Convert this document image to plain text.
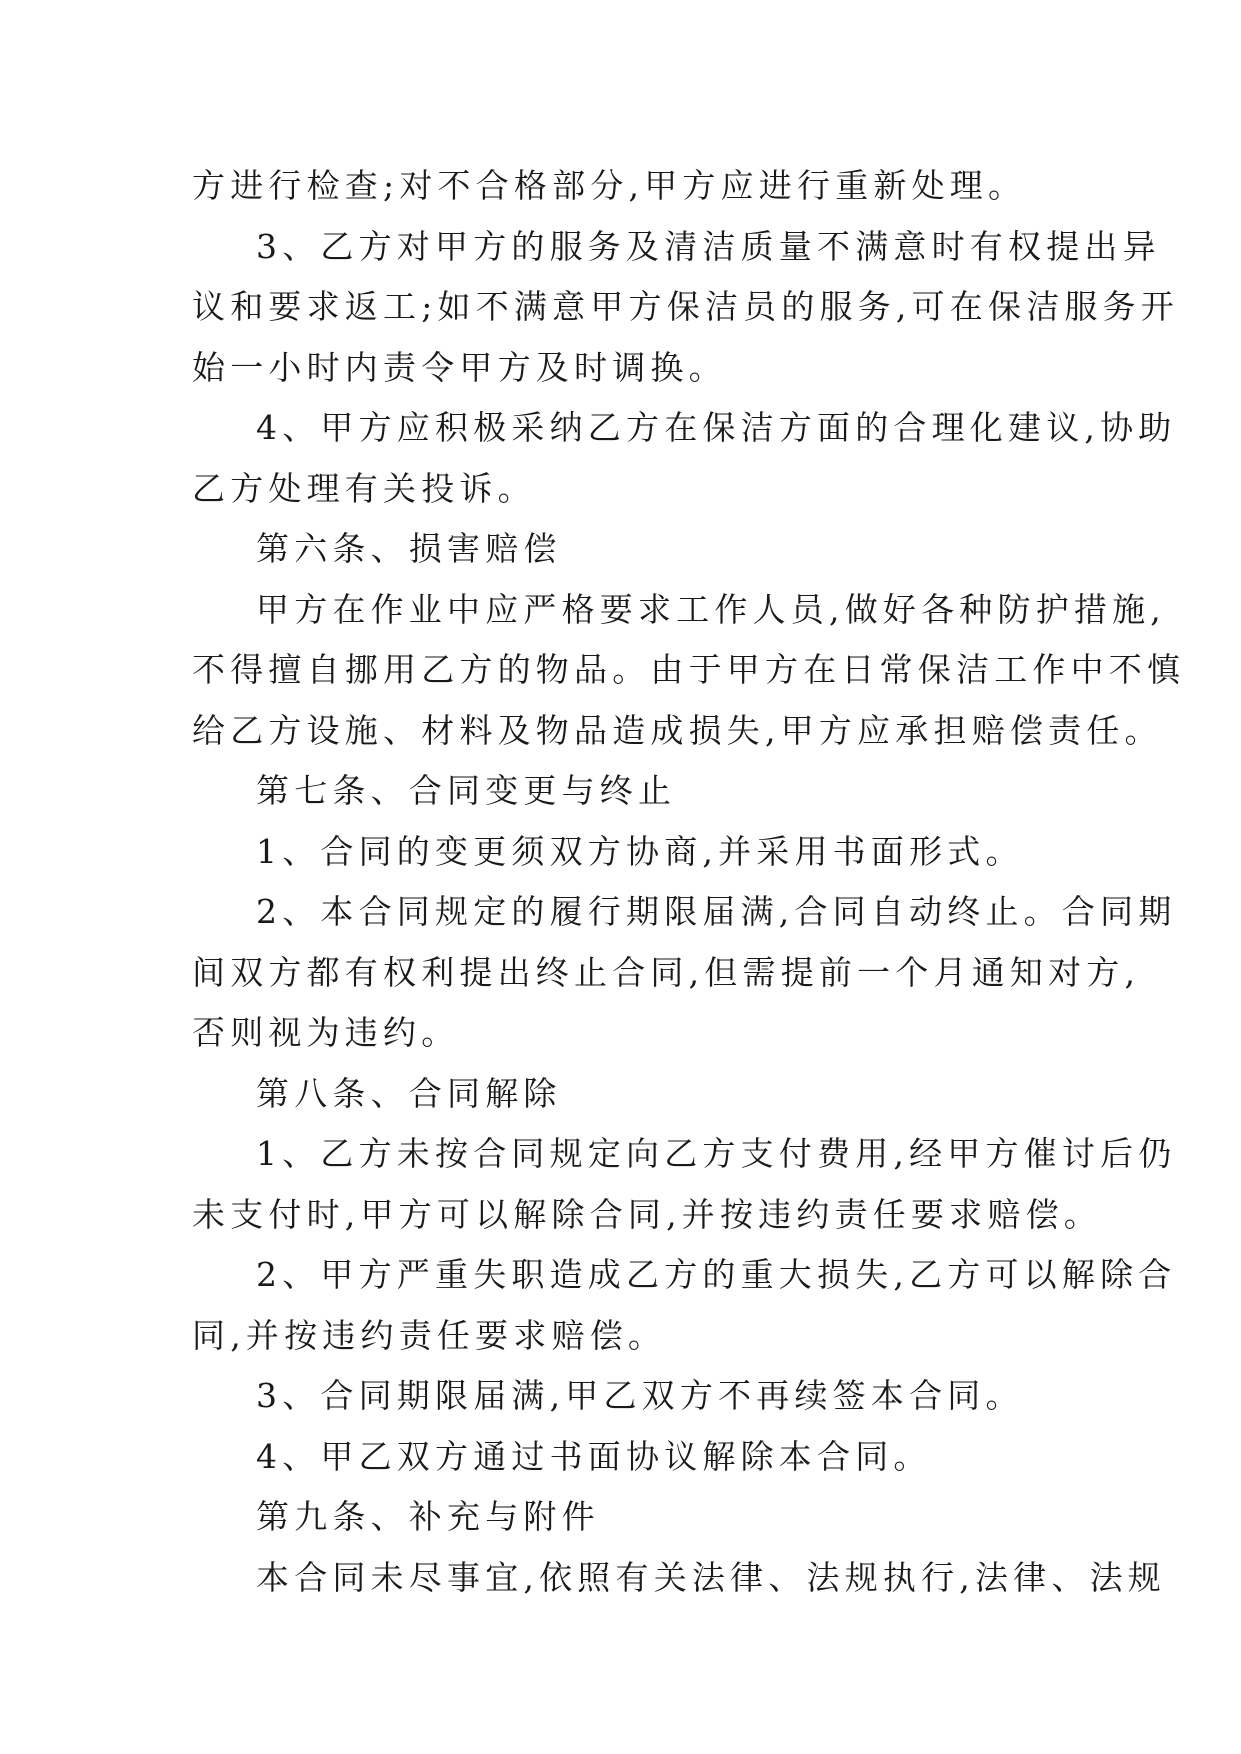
方进行检查;对不合格部分,甲方应进行重新处理。
3、乙方对甲方的服务及清洁质量不满意时有权提出异
议和要求返工;如不满意甲方保洁员的服务,可在保洁服务开
始一小时内责令甲方及时调换。
4、甲方应积极采纳乙方在保洁方面的合理化建议,协助
乙方处理有关投诉。
第六条、损害赔偿
甲方在作业中应严格要求工作人员,做好各种防护措施,
不得擅自挪用乙方的物品。由于甲方在日常保洁工作中不慎
给乙方设施、材料及物品造成损失,甲方应承担赔偿责任。
第七条、合同变更与终止
1、合同的变更须双方协商,并采用书面形式。
2、本合同规定的履行期限届满,合同自动终止。合同期
间双方都有权利提出终止合同,但需提前一个月通知对方,
否则视为违约。
第八条、合同解除
1、乙方未按合同规定向乙方支付费用,经甲方催讨后仍
未支付时,甲方可以解除合同,并按违约责任要求赔偿。
2、甲方严重失职造成乙方的重大损失,乙方可以解除合
同,并按违约责任要求赔偿。
3、合同期限届满,甲乙双方不再续签本合同。
4、甲乙双方通过书面协议解除本合同。
第九条、补充与附件
本合同未尽事宜,依照有关法律、法规执行,法律、法规
